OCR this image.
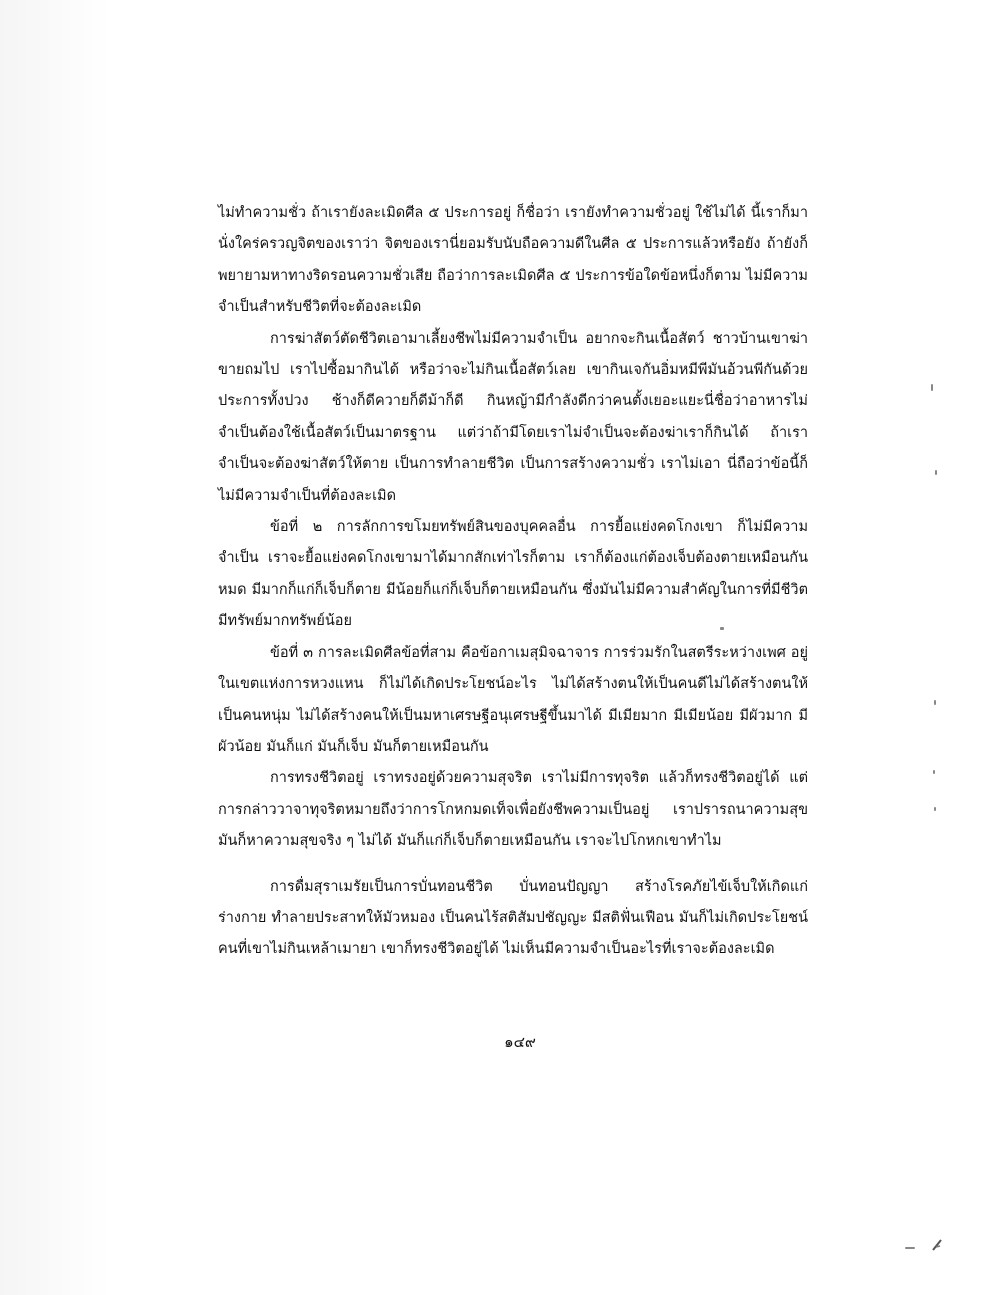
ไม่ทำความชั่ว ถ้าเรายังละเมิดศีล ๕ ประการอยู่ ก็ชื่อว่า เรายังทำความชั่วอยู่ ใช้ไม่ได้ นี้เราก็มานั่งใคร่ครวญจิตของเราว่า จิตของเรานี่ยอมรับนับถือความดีในศีล ๕ ประการแล้วหรือยัง ถ้ายังก็พยายามหาทางริดรอนความชั่วเสีย ถือว่าการละเมิดศีล ๕ ประการข้อใดข้อหนึ่งก็ตาม ไม่มีความจำเป็นสำหรับชีวิตที่จะต้องละเมิด

การฆ่าสัตว์ตัดชีวิตเอามาเลี้ยงชีพไม่มีความจำเป็น อยากจะกินเนื้อสัตว์ ชาวบ้านเขาฆ่าขายถมไป เราไปซื้อมากินได้ หรือว่าจะไม่กินเนื้อสัตว์เลย เขากินเจกันอิ่มหมีพีมันอ้วนพีกันด้วยประการทั้งปวง ช้างก็ดีควายก็ดีม้าก็ดี กินหญ้ามีกำลังดีกว่าคนตั้งเยอะแยะนี่ชื่อว่าอาหารไม่จำเป็นต้องใช้เนื้อสัตว์เป็นมาตรฐาน แต่ว่าถ้ามีโดยเราไม่จำเป็นจะต้องฆ่าเราก็กินได้ ถ้าเราจำเป็นจะต้องฆ่าสัตว์ให้ตาย เป็นการทำลายชีวิต เป็นการสร้างความชั่ว เราไม่เอา นี่ถือว่าข้อนี้ก็ไม่มีความจำเป็นที่ต้องละเมิด

ข้อที่ ๒ การลักการขโมยทรัพย์สินของบุคคลอื่น การยื้อแย่งคดโกงเขา ก็ไม่มีความจำเป็น เราจะยื้อแย่งคดโกงเขามาได้มากสักเท่าไรก็ตาม เราก็ต้องแก่ต้องเจ็บต้องตายเหมือนกันหมด มีมากก็แก่ก็เจ็บก็ตาย มีน้อยก็แก่ก็เจ็บก็ตายเหมือนกัน ซึ่งมันไม่มีความสำคัญในการที่มีชีวิตมีทรัพย์มากทรัพย์น้อย

ข้อที่ ๓ การละเมิดศีลข้อที่สาม คือข้อกาเมสุมิจฉาจาร การร่วมรักในสตรีระหว่างเพศ อยู่ในเขตแห่งการหวงแหน ก็ไม่ได้เกิดประโยชน์อะไร ไม่ได้สร้างตนให้เป็นคนดีไม่ได้สร้างตนให้เป็นคนหนุ่ม ไม่ได้สร้างคนให้เป็นมหาเศรษฐีอนุเศรษฐีขึ้นมาได้ มีเมียมาก มีเมียน้อย มีผัวมาก มีผัวน้อย มันก็แก่ มันก็เจ็บ มันก็ตายเหมือนกัน

การทรงชีวิตอยู่ เราทรงอยู่ด้วยความสุจริต เราไม่มีการทุจริต แล้วก็ทรงชีวิตอยู่ได้ แต่การกล่าววาจาทุจริตหมายถึงว่าการโกหกมดเท็จเพื่อยังชีพความเป็นอยู่ เราปรารถนาความสุข มันก็หาความสุขจริง ๆ ไม่ได้ มันก็แก่ก็เจ็บก็ตายเหมือนกัน เราจะไปโกหกเขาทำไม

การดื่มสุราเมรัยเป็นการบั่นทอนชีวิต บั่นทอนปัญญา สร้างโรคภัยไข้เจ็บให้เกิดแก่ร่างกาย ทำลายประสาทให้มัวหมอง เป็นคนไร้สติสัมปชัญญะ มีสติฟั่นเฟือน มันก็ไม่เกิดประโยชน์ คนที่เขาไม่กินเหล้าเมายา เขาก็ทรงชีวิตอยู่ได้ ไม่เห็นมีความจำเป็นอะไรที่เราจะต้องละเมิด

๑๔๙
